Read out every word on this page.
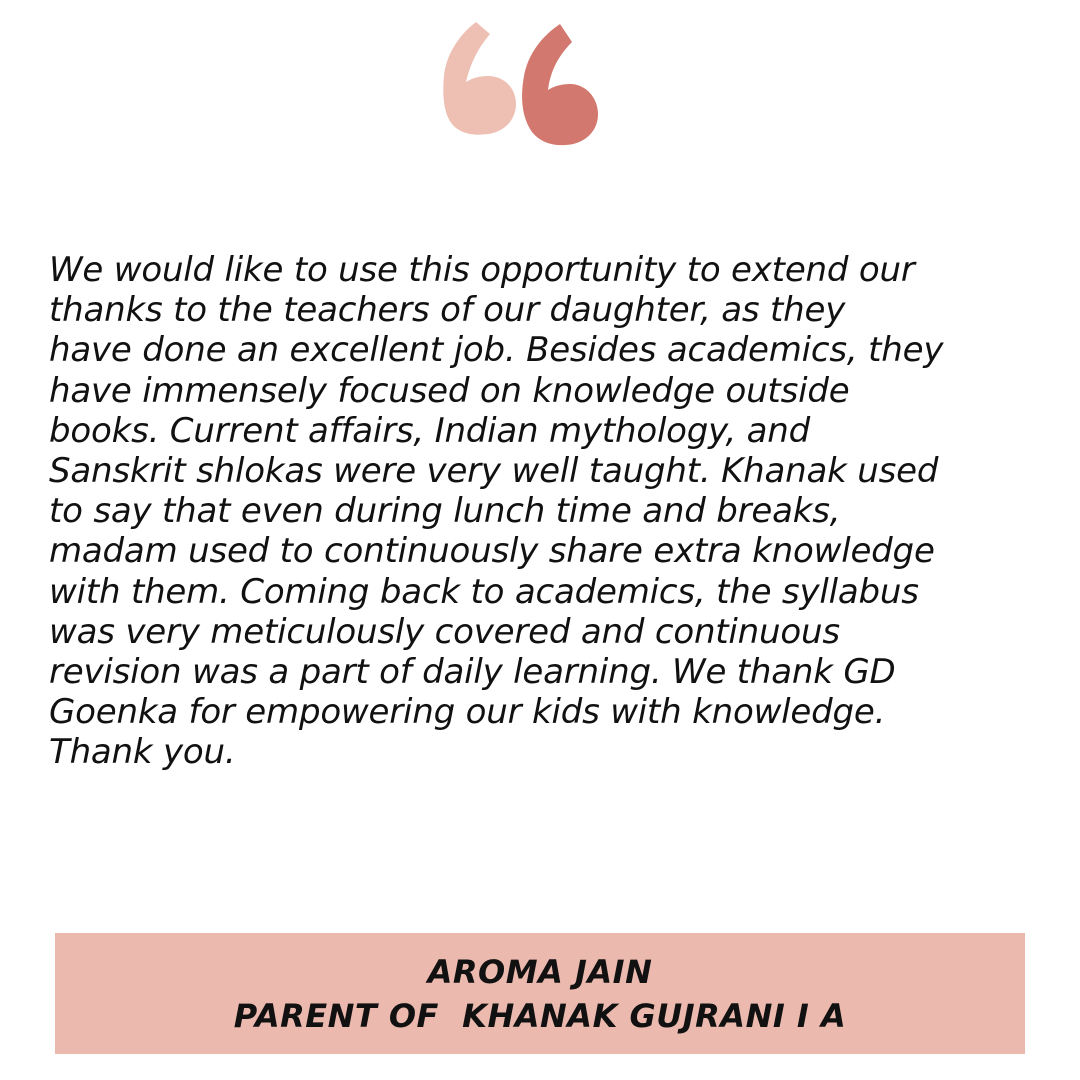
We would like to use this opportunity to extend our
thanks to the teachers of our daughter, as they
have done an excellent job. Besides academics, they
have immensely focused on knowledge outside
books. Current affairs, Indian mythology, and
Sanskrit shlokas were very well taught. Khanak used
to say that even during lunch time and breaks,
madam used to continuously share extra knowledge
with them. Coming back to academics, the syllabus
was very meticulously covered and continuous
revision was a part of daily learning. We thank GD
Goenka for empowering our kids with knowledge.
Thank you.

AROMA JAIN
PARENT OF  KHANAK GUJRANI I A
